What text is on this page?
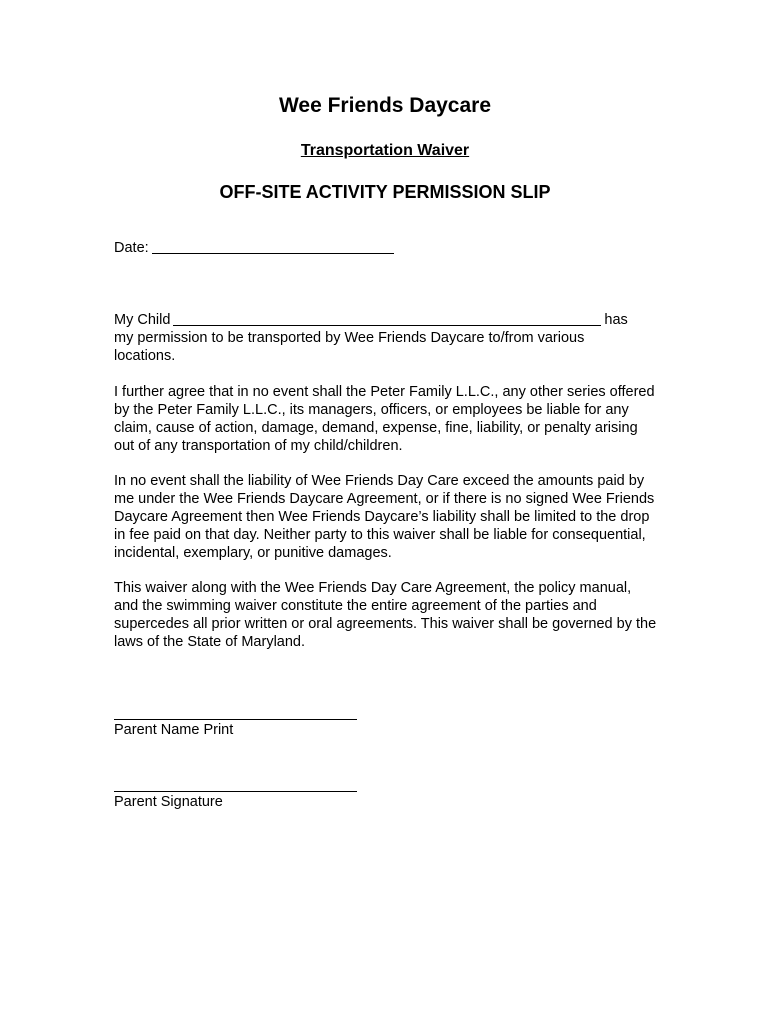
Wee Friends Daycare
Transportation Waiver
OFF-SITE ACTIVITY PERMISSION SLIP
Date:
My Child	has

my permission to be transported by Wee Friends Daycare to/from various locations.

I further agree that in no event shall the Peter Family L.L.C., any other series offered by the Peter Family L.L.C., its managers, officers, or employees be liable for any claim, cause of action, damage, demand, expense, fine, liability, or penalty arising out of any transportation of my child/children.

In no event shall the liability of Wee Friends Day Care exceed the amounts paid by me under the Wee Friends Daycare Agreement, or if there is no signed Wee Friends Daycare Agreement then Wee Friends Daycare’s liability shall be limited to the drop in fee paid on that day. Neither party to this waiver shall be liable for consequential, incidental, exemplary, or punitive damages.

This waiver along with the Wee Friends Day Care Agreement, the policy manual, and the swimming waiver constitute the entire agreement of the parties and supercedes all prior written or oral agreements. This waiver shall be governed by the laws of the State of Maryland.

Parent Name Print

Parent Signature
